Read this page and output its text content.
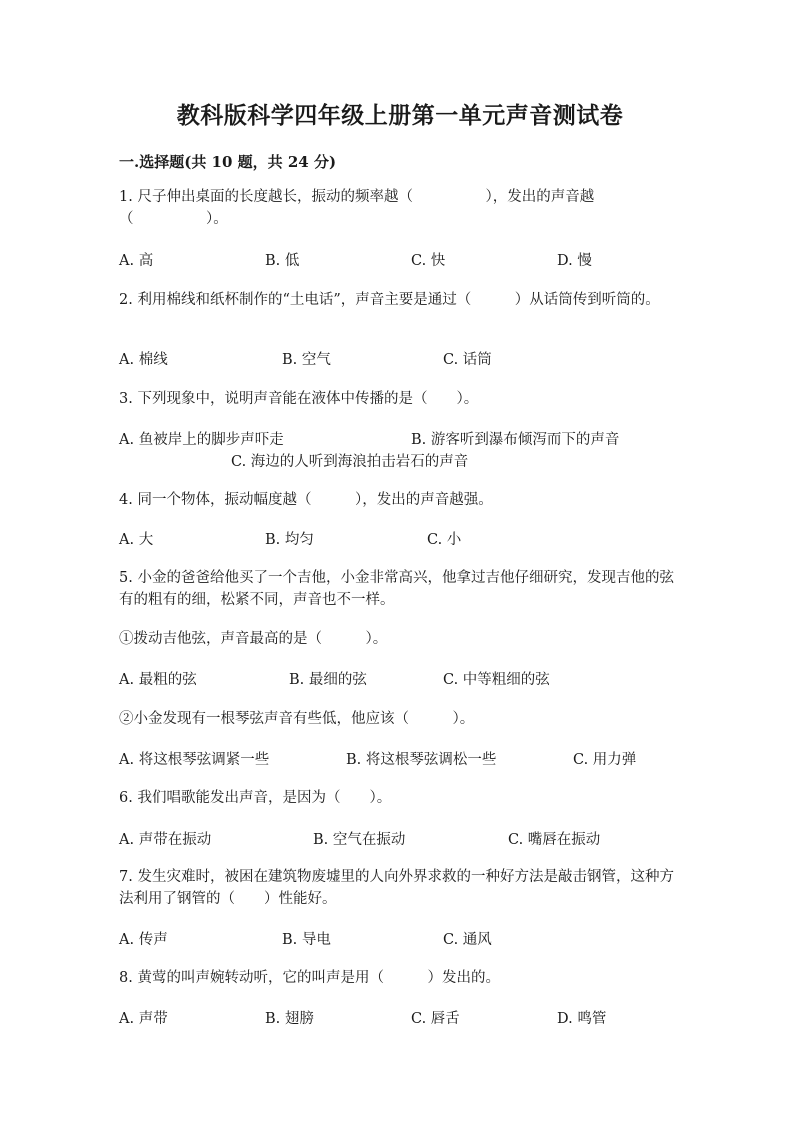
教科版科学四年级上册第一单元声音测试卷
一.选择题(共 10 题，共 24 分)
1. 尺子伸出桌面的长度越长，振动的频率越（　　　　　），发出的声音越（　　　　　）。
A. 高	B. 低	C. 快	D. 慢
2. 利用棉线和纸杯制作的“土电话”，声音主要是通过（　　　）从话筒传到听筒的。
A. 棉线	B. 空气	C. 话筒
3. 下列现象中，说明声音能在液体中传播的是（　　）。
A. 鱼被岸上的脚步声吓走	B. 游客听到瀑布倾泻而下的声音
C. 海边的人听到海浪拍击岩石的声音
4. 同一个物体，振动幅度越（　　　），发出的声音越强。
A. 大	B. 均匀	C. 小
5. 小金的爸爸给他买了一个吉他，小金非常高兴，他拿过吉他仔细研究，发现吉他的弦有的粗有的细，松紧不同，声音也不一样。
①拨动吉他弦，声音最高的是（　　　）。
A. 最粗的弦	B. 最细的弦	C. 中等粗细的弦
②小金发现有一根琴弦声音有些低，他应该（　　　）。
A. 将这根琴弦调紧一些	B. 将这根琴弦调松一些	C. 用力弹
6. 我们唱歌能发出声音，是因为（　　）。
A. 声带在振动	B. 空气在振动	C. 嘴唇在振动
7. 发生灾难时，被困在建筑物废墟里的人向外界求救的一种好方法是敲击钢管，这种方法利用了钢管的（　　）性能好。
A. 传声	B. 导电	C. 通风
8. 黄莺的叫声婉转动听，它的叫声是用（　　　）发出的。
A. 声带	B. 翅膀	C. 唇舌	D. 鸣管
